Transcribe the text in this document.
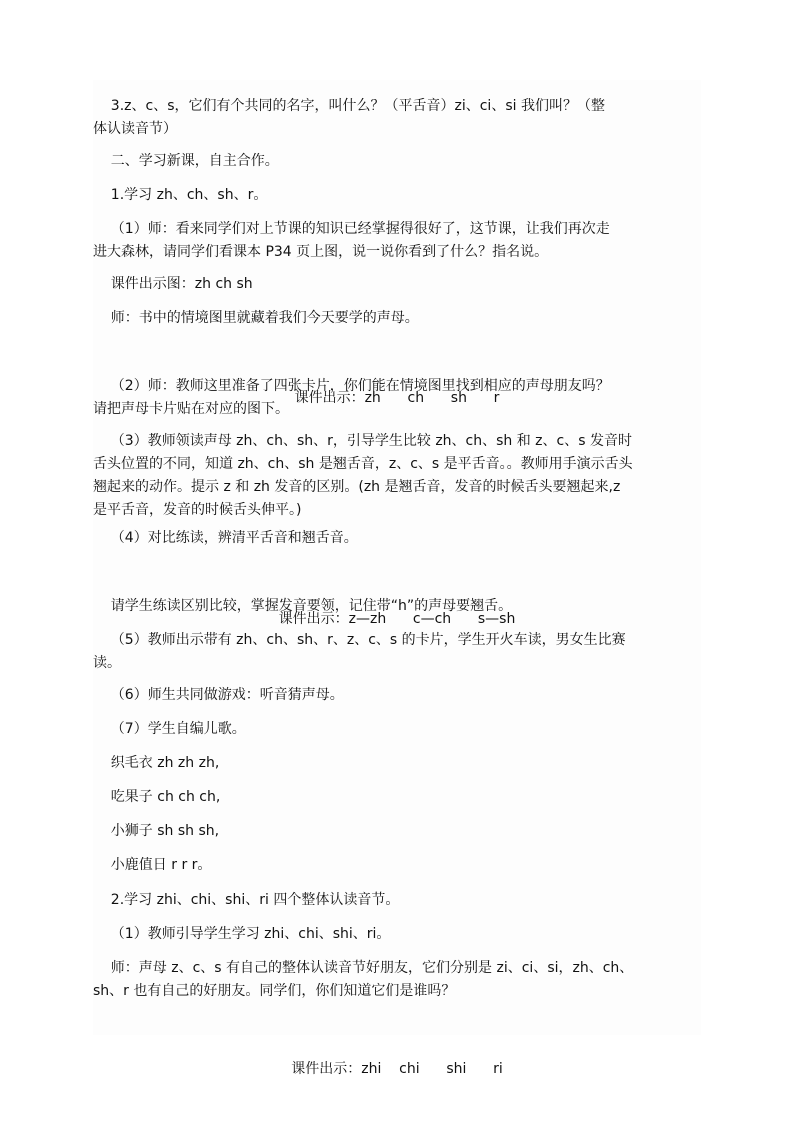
3.z、c、s，它们有个共同的名字，叫什么？（平舌音）zi、ci、si 我们叫？（整
体认读音节）
二、学习新课，自主合作。
1.学习 zh、ch、sh、r。
（1）师：看来同学们对上节课的知识已经掌握得很好了，这节课，让我们再次走
进大森林，请同学们看课本 P34 页上图，说一说你看到了什么？指名说。
课件出示图：zh ch sh
师：书中的情境图里就藏着我们今天要学的声母。

课件出示：zh      ch      sh      r

（2）师：教师这里准备了四张卡片，你们能在情境图里找到相应的声母朋友吗？
请把声母卡片贴在对应的图下。
（3）教师领读声母 zh、ch、sh、r，引导学生比较 zh、ch、sh 和 z、c、s 发音时
舌头位置的不同，知道 zh、ch、sh 是翘舌音，z、c、s 是平舌音。。教师用手演示舌头
翘起来的动作。提示 z 和 zh 发音的区别。(zh 是翘舌音，发音的时候舌头要翘起来,z
是平舌音，发音的时候舌头伸平。)
（4）对比练读，辨清平舌音和翘舌音。

课件出示：z—zh      c—ch      s—sh

请学生练读区别比较，掌握发音要领，记住带“h”的声母要翘舌。
（5）教师出示带有 zh、ch、sh、r、z、c、s 的卡片，学生开火车读，男女生比赛
读。
（6）师生共同做游戏：听音猜声母。
（7）学生自编儿歌。
织毛衣 zh zh zh,
吃果子 ch ch ch,
小狮子 sh sh sh,
小鹿值日 r r r。
2.学习 zhi、chi、shi、ri 四个整体认读音节。
（1）教师引导学生学习 zhi、chi、shi、ri。
师：声母 z、c、s 有自己的整体认读音节好朋友，它们分别是 zi、ci、si，zh、ch、
sh、r 也有自己的好朋友。同学们，你们知道它们是谁吗？

课件出示：zhi    chi      shi      ri
